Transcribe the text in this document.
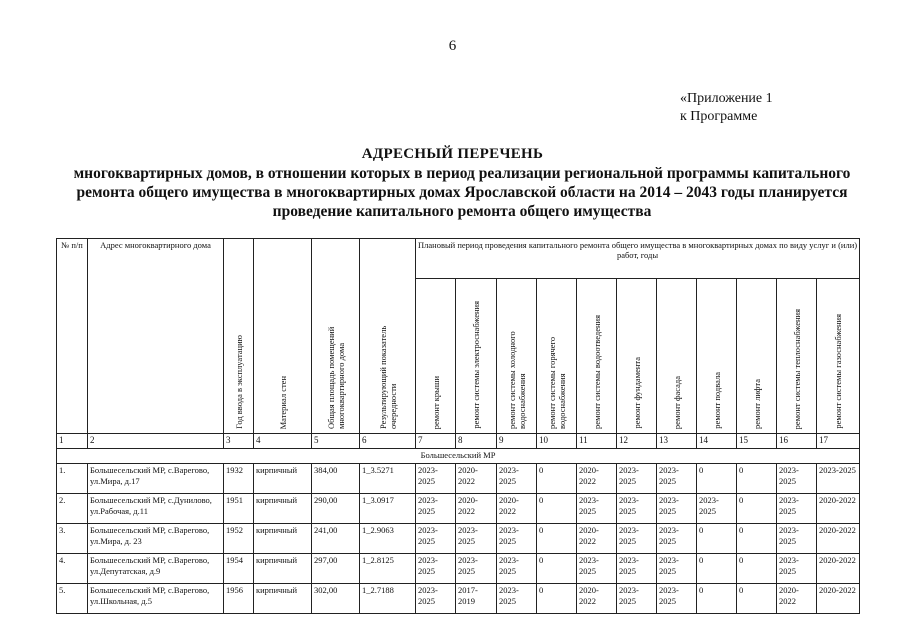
6
«Приложение 1
к Программе
АДРЕСНЫЙ ПЕРЕЧЕНЬ
многоквартирных домов, в отношении которых в период реализации региональной программы капитального ремонта общего имущества в многоквартирных домах Ярославской области на 2014 – 2043 годы планируется проведение капитального ремонта общего имущества
№ п/п	Адрес многоквартирного дома	Год ввода в эксплуатацию	Материал стен	Общая площадь помещений многоквартирного дома	Результирующий показатель очередности	Плановый период проведения капитального ремонта общего имущества в многоквартирных домах по виду услуг и (или) работ, годы										
						ремонт крыши	ремонт системы электроснабжения	ремонт системы холодного водоснабжения	ремонт системы горячего водоснабжения	ремонт системы водоотведения	ремонт фундамента	ремонт фасада	ремонт подвала	ремонт лифта	ремонт системы теплоснабжения	ремонт системы газоснабжения
1	2	3	4	5	6	7	8	9	10	11	12	13	14	15	16	17
Большесельский МР																
1.	Большесельский МР, с.Варегово, ул.Мира, д.17	1932	кирпичный	384,00	1_3.5271	2023-2025	2020-2022	2023-2025	0	2020-2022	2023-2025	2023-2025	0	0	2023-2025	2023-2025
2.	Большесельский МР, с.Дунилово, ул.Рабочая, д.11	1951	кирпичный	290,00	1_3.0917	2023-2025	2020-2022	2020-2022	0	2023-2025	2023-2025	2023-2025	2023-2025	0	2023-2025	2020-2022
3.	Большесельский МР, с.Варегово, ул.Мира, д. 23	1952	кирпичный	241,00	1_2.9063	2023-2025	2023-2025	2023-2025	0	2020-2022	2023-2025	2023-2025	0	0	2023-2025	2020-2022
4.	Большесельский МР, с.Варегово, ул.Депутатская, д.9	1954	кирпичный	297,00	1_2.8125	2023-2025	2023-2025	2023-2025	0	2023-2025	2023-2025	2023-2025	0	0	2023-2025	2020-2022
5.	Большесельский МР, с.Варегово, ул.Школьная, д.5	1956	кирпичный	302,00	1_2.7188	2023-2025	2017-2019	2023-2025	0	2020-2022	2023-2025	2023-2025	0	0	2020-2022	2020-2022
